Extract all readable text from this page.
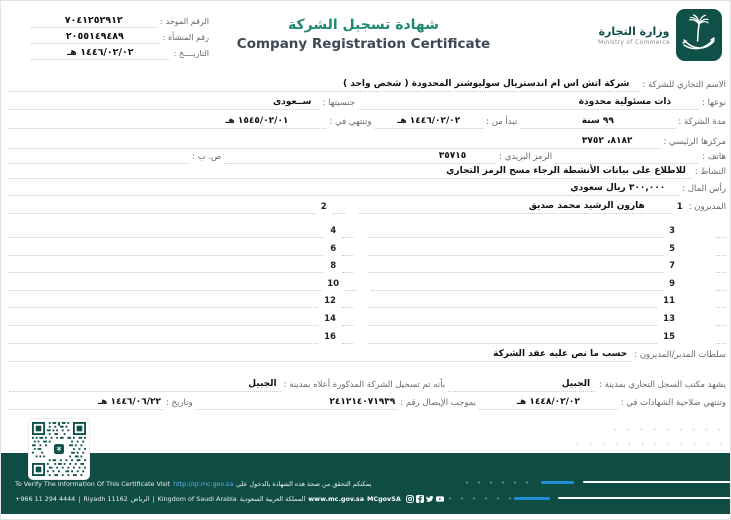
الرقم الموحد :
٧٠٤١٢٥٢٩١٢
رقم المنشأة :
٢٠٥٥١٤٩٤٨٩
التاريــــخ :
١٤٤٦/٠٢/٠٢ هـ
شهادة تسجيل الشركة
Company Registration Certificate
وزارة التجارة
Ministry of Commerce
الاسم التجاري للشركة :
شركة اتش اس ام اندستريال سوليوشنز المحدودة ( شخص واحد )
نوعها :
ذات مسئولية محدودة
جنسيتها :
ســعودى
مدة الشركة :
٩٩ سنة
تبدأ من :
١٤٤٦/٠٢/٠٢ هـ
وتنتهي في :
١٥٤٥/٠٢/٠١ هـ
مركزها الرئيسي :
٨١٨٢، ٣٧٥٢
هاتف :
الرمز البريدي :
٣٥٧١٥
ص. ب :
النشاط :
للاطلاع على بيانات الأنشطة الرجاء مسح الرمز التجاري
رأس المال :
٣٠٠,٠٠٠ ريال سعودي
المديرون :
1
هارون الرشيد محمد صديق
2
3
4
5
6
7
8
9
10
11
12
13
14
15
16
سلطات المدير/المديرون :
حسب ما نص عليه عقد الشركة
يشهد مكتب السجل التجاري بمدينة :
الجبيل
بأنه تم تسجيل الشركة المذكورة أعلاه بمدينة :
الجبيل
وتنتهي صلاحية الشهادات في :
١٤٤٨/٠٢/٠٢ هـ
بموجب الإيصال رقم :
٢٤١٢١٤٠٧١٩٣٩
وتاريخ :
١٤٤٦/٠٦/٢٢ هـ
To Verify The Information Of This Certificate Visit http://qr.mc.gov.sa يمكنكم التحقق من صحة هذه الشهادة بالدخول على
+966 11 294 4444 | Riyadh 11162 الرياض | Kingdom of Saudi Arabia المملكة العربية السعودية www.mc.gov.sa MCgovSA
